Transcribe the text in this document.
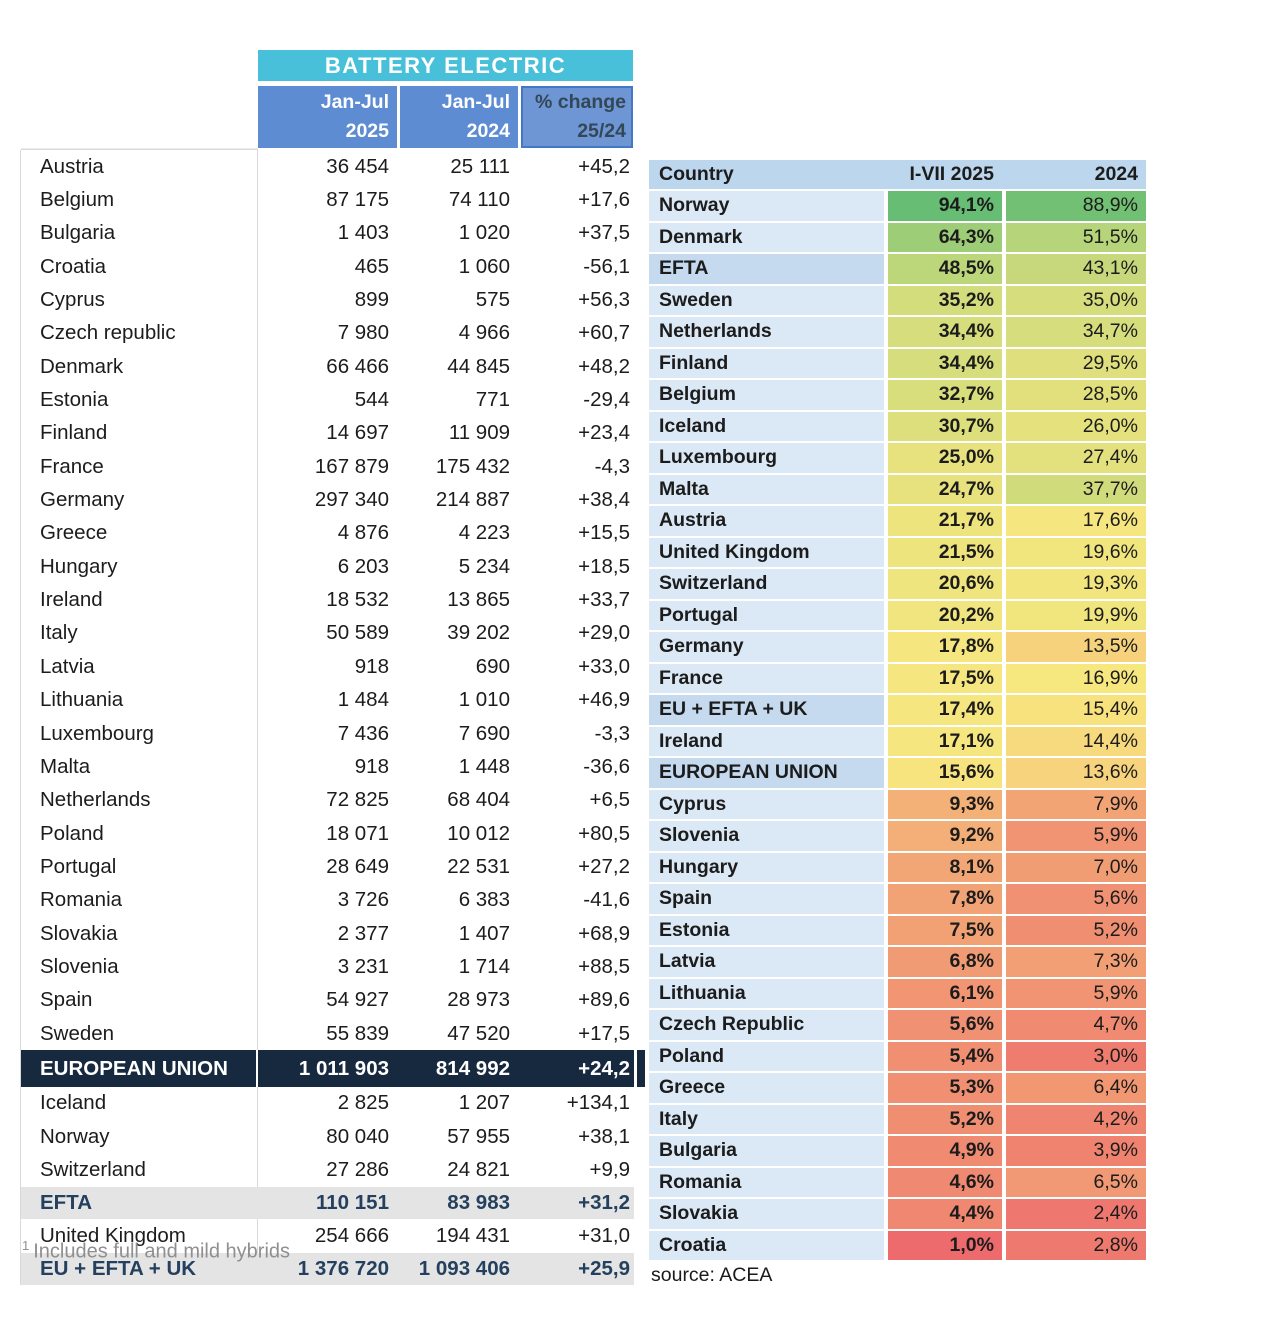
BATTERY ELECTRIC
Jan-Jul
2025
Jan-Jul
2024
% change
25/24
Austria	36 454	25 111	+45,2
Belgium	87 175	74 110	+17,6
Bulgaria	1 403	1 020	+37,5
Croatia	465	1 060	-56,1
Cyprus	899	575	+56,3
Czech republic	7 980	4 966	+60,7
Denmark	66 466	44 845	+48,2
Estonia	544	771	-29,4
Finland	14 697	11 909	+23,4
France	167 879	175 432	-4,3
Germany	297 340	214 887	+38,4
Greece	4 876	4 223	+15,5
Hungary	6 203	5 234	+18,5
Ireland	18 532	13 865	+33,7
Italy	50 589	39 202	+29,0
Latvia	918	690	+33,0
Lithuania	1 484	1 010	+46,9
Luxembourg	7 436	7 690	-3,3
Malta	918	1 448	-36,6
Netherlands	72 825	68 404	+6,5
Poland	18 071	10 012	+80,5
Portugal	28 649	22 531	+27,2
Romania	3 726	6 383	-41,6
Slovakia	2 377	1 407	+68,9
Slovenia	3 231	1 714	+88,5
Spain	54 927	28 973	+89,6
Sweden	55 839	47 520	+17,5
EUROPEAN UNION	1 011 903	814 992	+24,2
Iceland	2 825	1 207	+134,1
Norway	80 040	57 955	+38,1
Switzerland	27 286	24 821	+9,9
EFTA	110 151	83 983	+31,2
United Kingdom	254 666	194 431	+31,0
EU + EFTA + UK	1 376 720	1 093 406	+25,9
$^1$ Includes full and mild hybrids
Country	I-VII 2025	2024
Norway	94,1%	88,9%
Denmark	64,3%	51,5%
EFTA	48,5%	43,1%
Sweden	35,2%	35,0%
Netherlands	34,4%	34,7%
Finland	34,4%	29,5%
Belgium	32,7%	28,5%
Iceland	30,7%	26,0%
Luxembourg	25,0%	27,4%
Malta	24,7%	37,7%
Austria	21,7%	17,6%
United Kingdom	21,5%	19,6%
Switzerland	20,6%	19,3%
Portugal	20,2%	19,9%
Germany	17,8%	13,5%
France	17,5%	16,9%
EU + EFTA + UK	17,4%	15,4%
Ireland	17,1%	14,4%
EUROPEAN UNION	15,6%	13,6%
Cyprus	9,3%	7,9%
Slovenia	9,2%	5,9%
Hungary	8,1%	7,0%
Spain	7,8%	5,6%
Estonia	7,5%	5,2%
Latvia	6,8%	7,3%
Lithuania	6,1%	5,9%
Czech Republic	5,6%	4,7%
Poland	5,4%	3,0%
Greece	5,3%	6,4%
Italy	5,2%	4,2%
Bulgaria	4,9%	3,9%
Romania	4,6%	6,5%
Slovakia	4,4%	2,4%
Croatia	1,0%	2,8%
source: ACEA
